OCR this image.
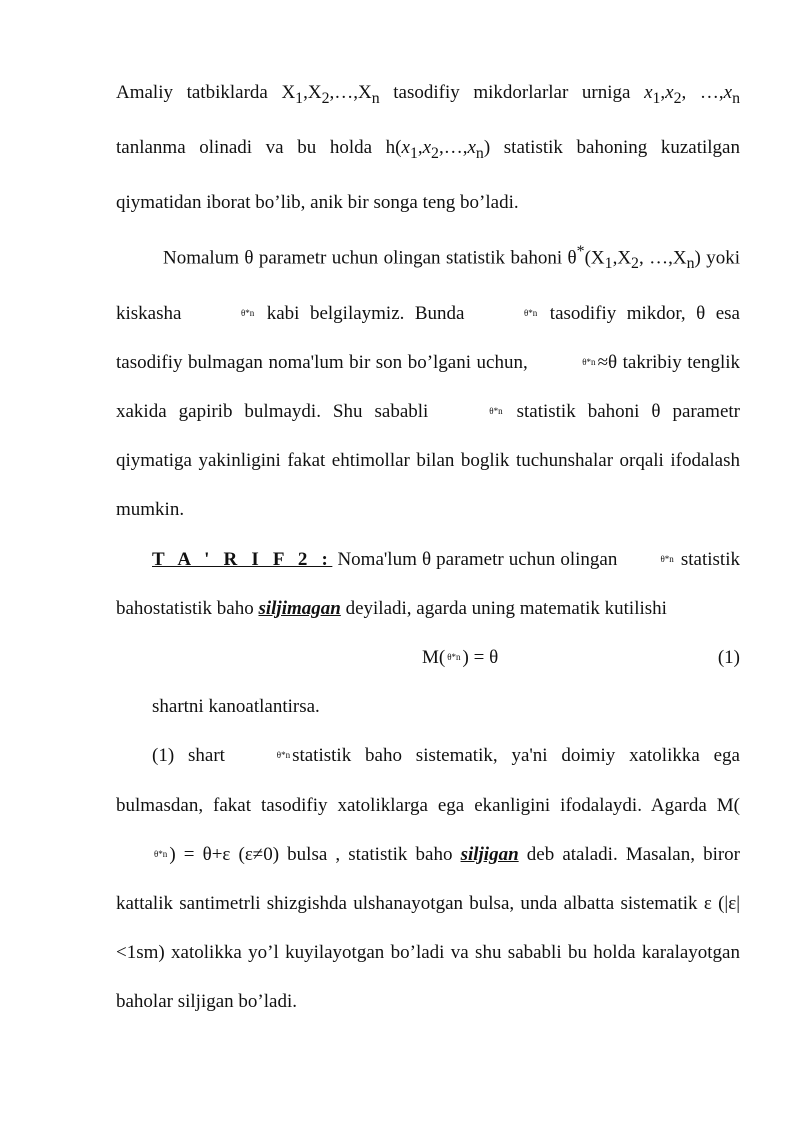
Amaliy tatbiklarda $X_1,X_2,\dots,X_n$ tasodifiy mikdorlarlar urniga $x_1,x_2$, $\dots,x_n$ tanlanma olinadi va bu holda $h(x_1,x_2,\dots,x_n)$ statistik bahoning kuzatilgan qiymatidan iborat bo’lib, anik bir songa teng bo’ladi.

Nomalum θ parametr uchun olingan statistik bahoni $\theta^*(X_1,X_2$, $\dots,X_n$) yoki kiskasha	θ*n kabi belgilaymiz. Bunda	θ*n tasodifiy mikdor, θ esa tasodifiy bulmagan noma'lum bir son bo’lgani uchun,	θ*n ≈θ takribiy tenglik xakida gapirib bulmaydi. Shu sababli	θ*n statistik bahoni θ parametr qiymatiga yakinligini fakat ehtimollar bilan boglik tuchunshalar orqali ifodalash mumkin.

T A ' R I F 2 : Noma'lum θ parametr uchun olingan	θ*n statistik bahostatistik baho siljimagan deyiladi, agarda uning matematik kutilishi

M( θ*n ) = θ	(1)

shartni kanoatlantirsa.

(1) shart	θ*n statistik baho sistematik, ya'ni doimiy xatolikka ega bulmasdan, fakat tasodifiy xatoliklarga ega ekanligini ifodalaydi. Agarda M(θ*n ) = θ+ε (ε≠0) bulsa , statistik baho siljigan deb ataladi. Masalan, biror kattalik santimetrli shizgishda ulshanayotgan bulsa, unda albatta sistematik ε (|ε|<1sm) xatolikka yo’l kuyilayotgan bo’ladi va shu sababli bu holda karalayotgan baholar siljigan bo’ladi.
